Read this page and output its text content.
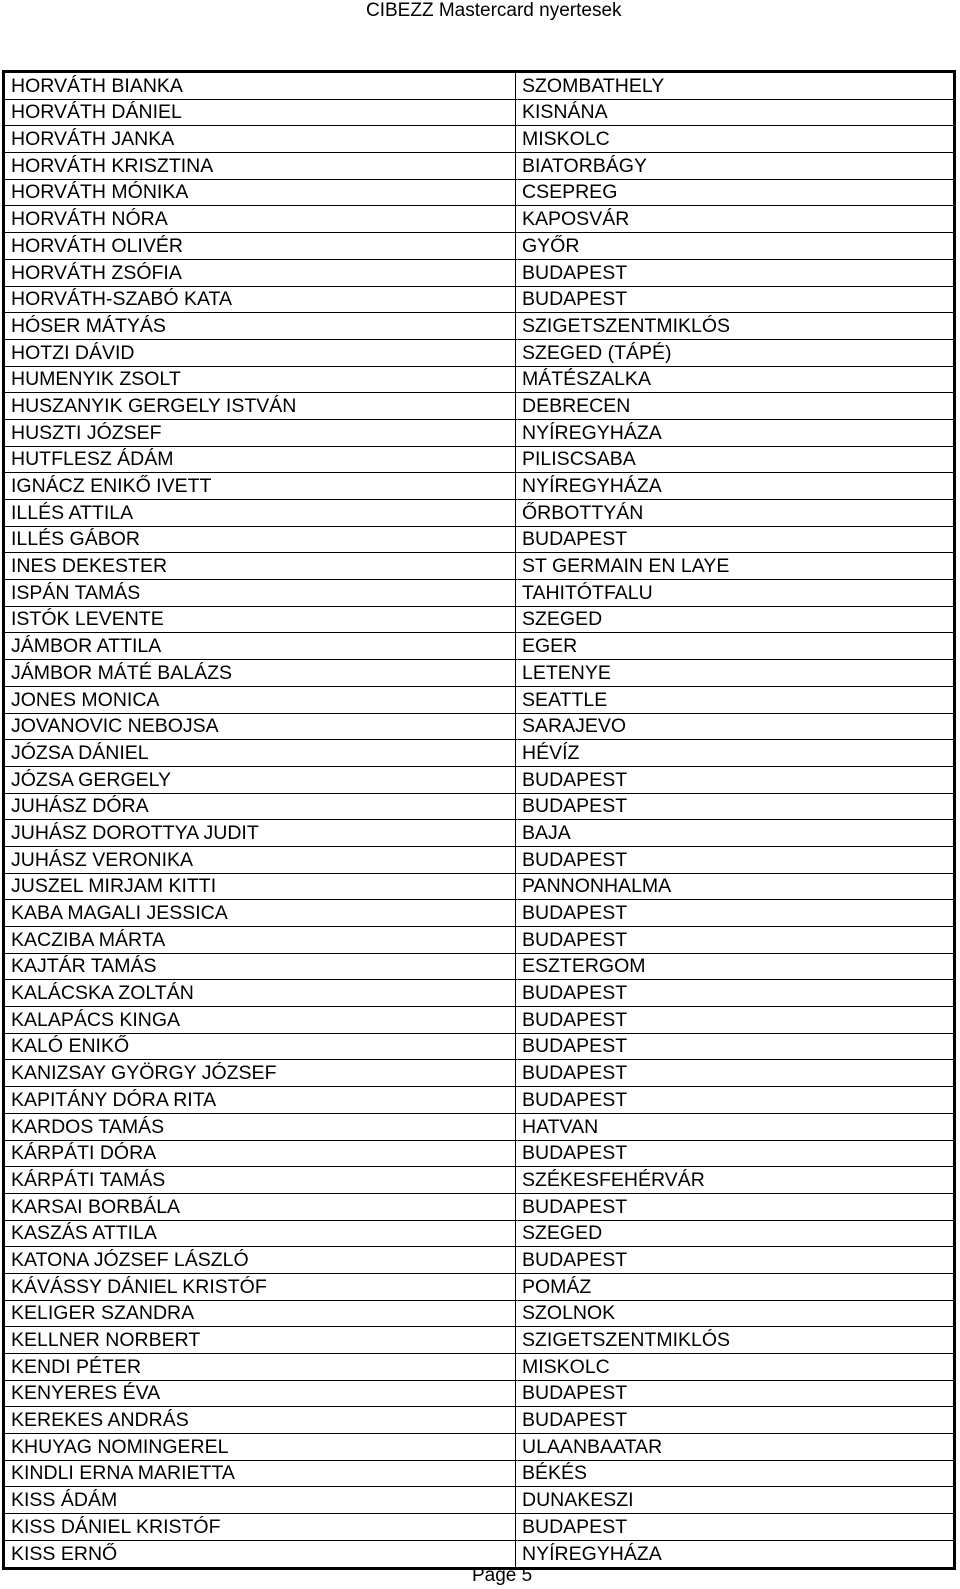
CIBEZZ Mastercard nyertesek
HORVÁTH BIANKA	SZOMBATHELY
HORVÁTH DÁNIEL	KISNÁNA
HORVÁTH JANKA	MISKOLC
HORVÁTH KRISZTINA	BIATORBÁGY
HORVÁTH MÓNIKA	CSEPREG
HORVÁTH NÓRA	KAPOSVÁR
HORVÁTH OLIVÉR	GYŐR
HORVÁTH ZSÓFIA	BUDAPEST
HORVÁTH-SZABÓ KATA	BUDAPEST
HÓSER MÁTYÁS	SZIGETSZENTMIKLÓS
HOTZI DÁVID	SZEGED (TÁPÉ)
HUMENYIK ZSOLT	MÁTÉSZALKA
HUSZANYIK GERGELY ISTVÁN	DEBRECEN
HUSZTI JÓZSEF	NYÍREGYHÁZA
HUTFLESZ ÁDÁM	PILISCSABA
IGNÁCZ ENIKŐ IVETT	NYÍREGYHÁZA
ILLÉS ATTILA	ŐRBOTTYÁN
ILLÉS GÁBOR	BUDAPEST
INES DEKESTER	ST GERMAIN EN LAYE
ISPÁN TAMÁS	TAHITÓTFALU
ISTÓK LEVENTE	SZEGED
JÁMBOR ATTILA	EGER
JÁMBOR MÁTÉ BALÁZS	LETENYE
JONES MONICA	SEATTLE
JOVANOVIC NEBOJSA	SARAJEVO
JÓZSA DÁNIEL	HÉVÍZ
JÓZSA GERGELY	BUDAPEST
JUHÁSZ DÓRA	BUDAPEST
JUHÁSZ DOROTTYA JUDIT	BAJA
JUHÁSZ VERONIKA	BUDAPEST
JUSZEL MIRJAM KITTI	PANNONHALMA
KABA MAGALI JESSICA	BUDAPEST
KACZIBA MÁRTA	BUDAPEST
KAJTÁR TAMÁS	ESZTERGOM
KALÁCSKA ZOLTÁN	BUDAPEST
KALAPÁCS KINGA	BUDAPEST
KALÓ ENIKŐ	BUDAPEST
KANIZSAY GYÖRGY JÓZSEF	BUDAPEST
KAPITÁNY DÓRA RITA	BUDAPEST
KARDOS TAMÁS	HATVAN
KÁRPÁTI DÓRA	BUDAPEST
KÁRPÁTI TAMÁS	SZÉKESFEHÉRVÁR
KARSAI BORBÁLA	BUDAPEST
KASZÁS ATTILA	SZEGED
KATONA JÓZSEF LÁSZLÓ	BUDAPEST
KÁVÁSSY DÁNIEL KRISTÓF	POMÁZ
KELIGER SZANDRA	SZOLNOK
KELLNER NORBERT	SZIGETSZENTMIKLÓS
KENDI PÉTER	MISKOLC
KENYERES ÉVA	BUDAPEST
KEREKES ANDRÁS	BUDAPEST
KHUYAG NOMINGEREL	ULAANBAATAR
KINDLI ERNA MARIETTA	BÉKÉS
KISS ÁDÁM	DUNAKESZI
KISS DÁNIEL KRISTÓF	BUDAPEST
KISS ERNŐ	NYÍREGYHÁZA
Page 5
